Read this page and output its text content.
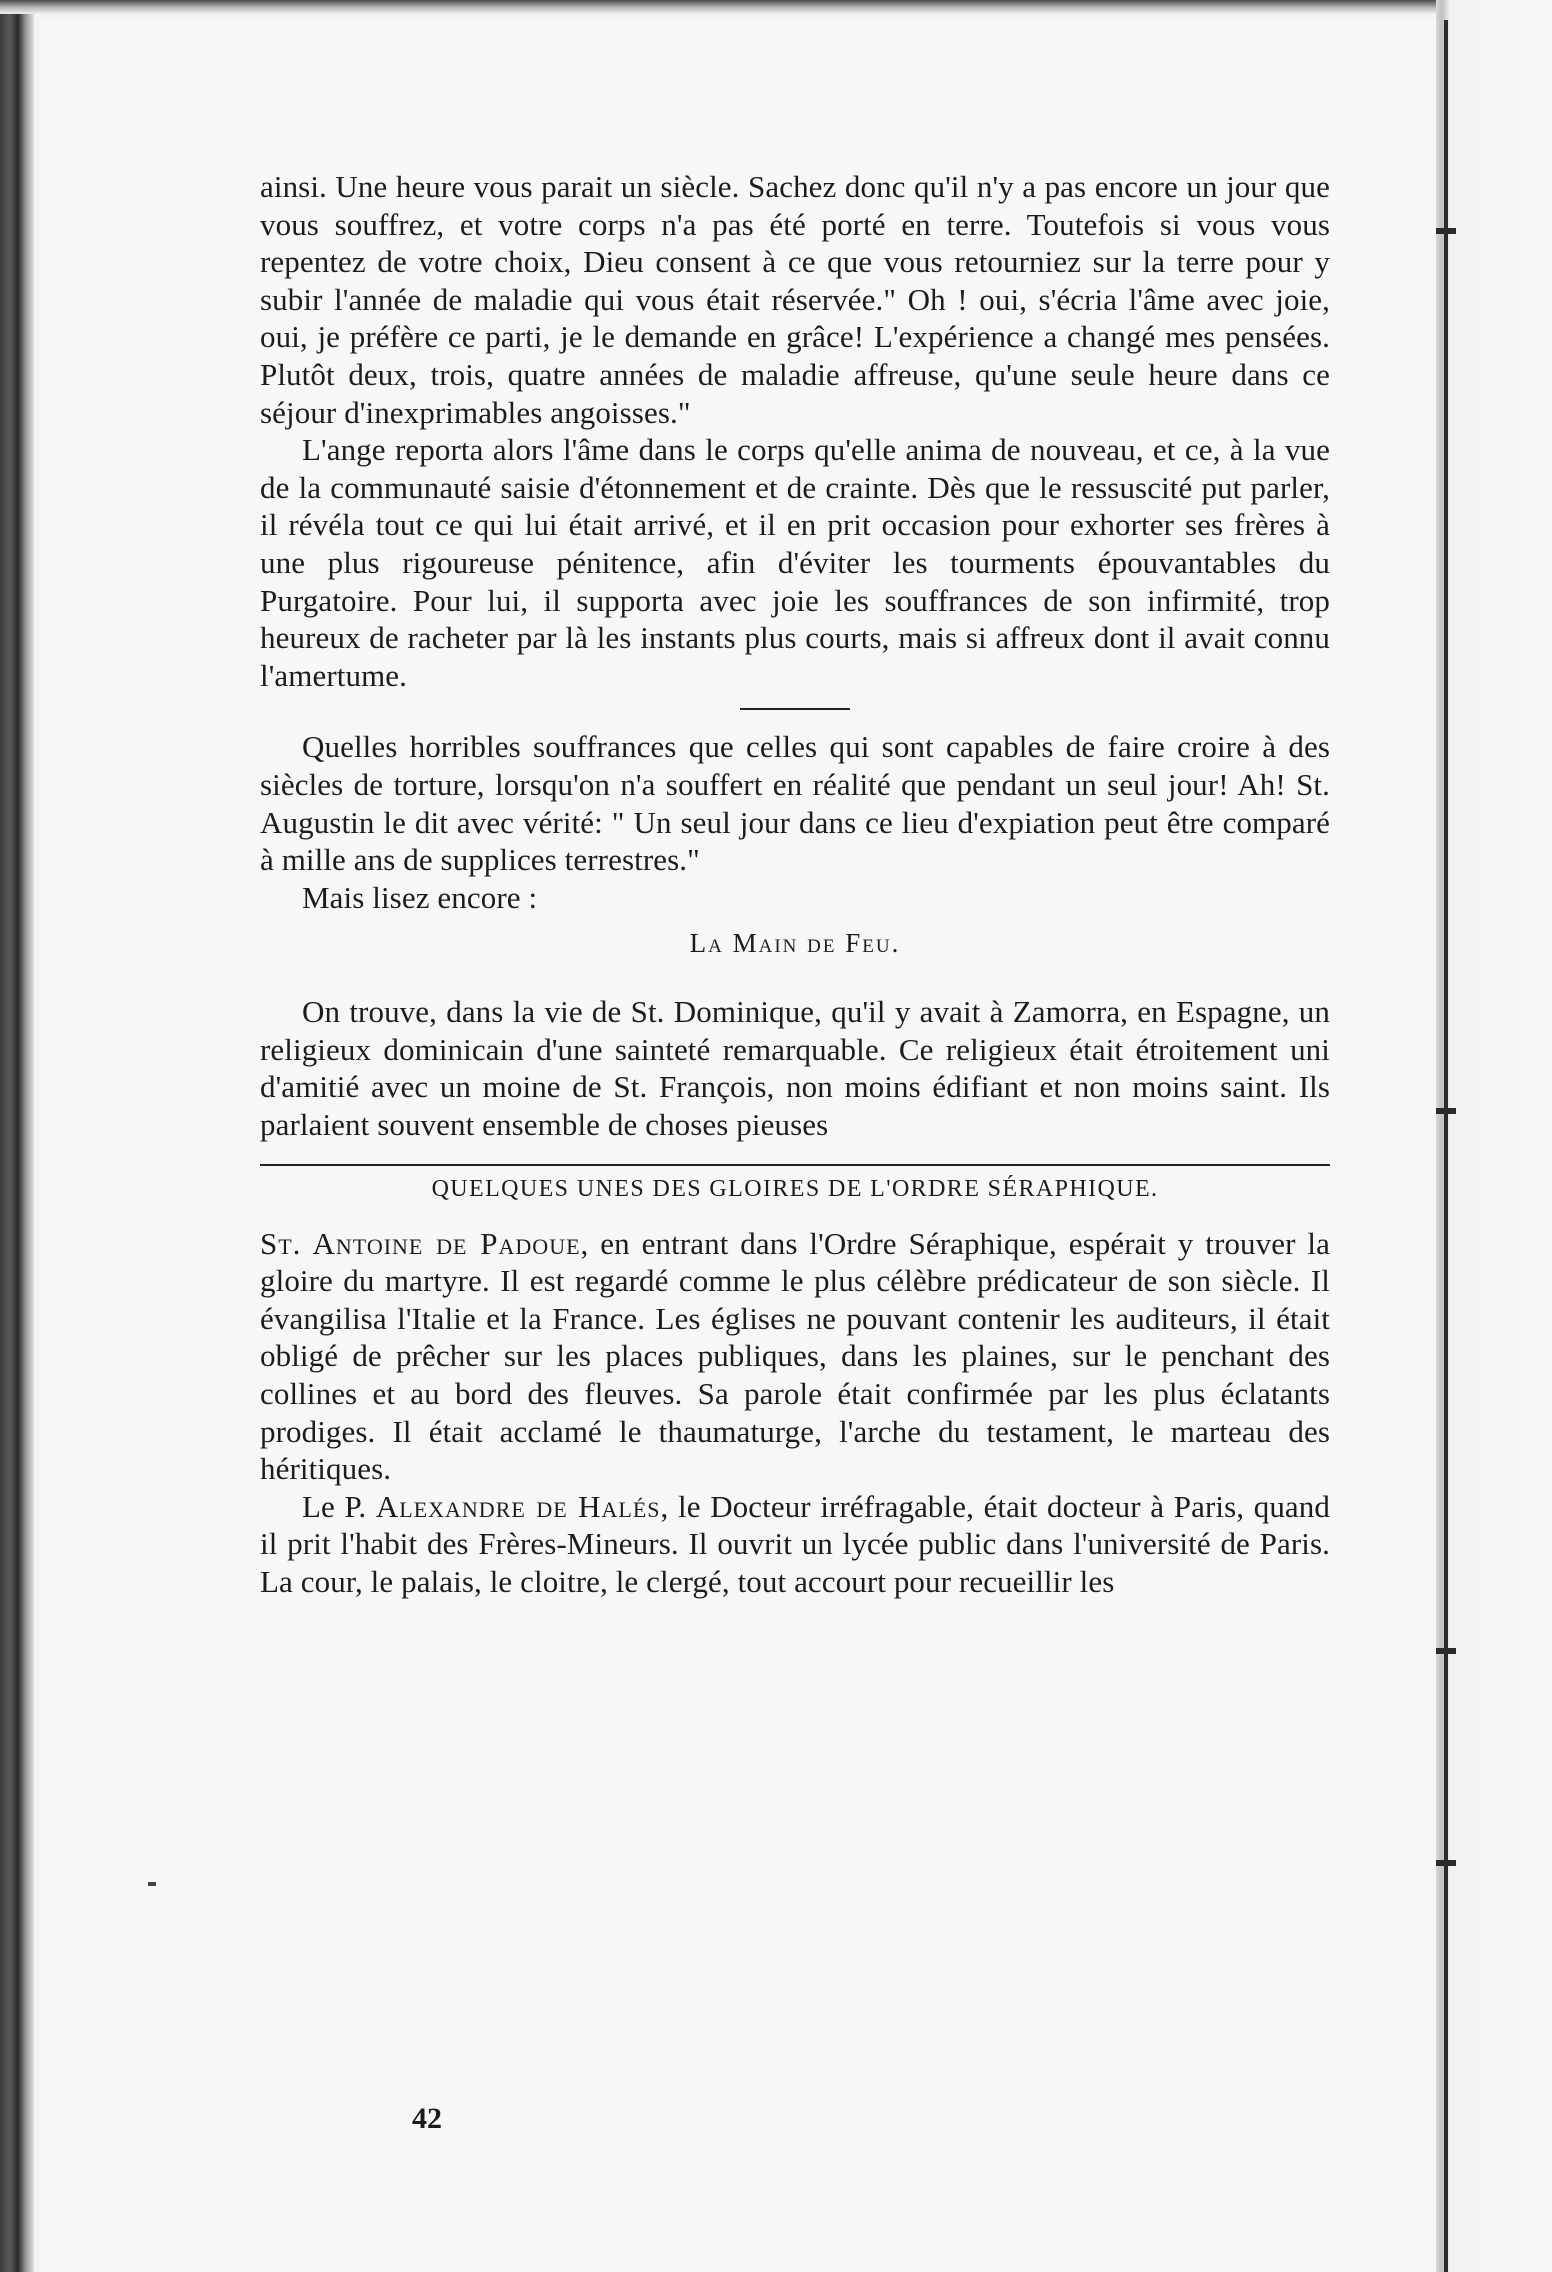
ainsi. Une heure vous parait un siècle. Sachez donc qu'il n'y a pas encore un jour que vous souffrez, et votre corps n'a pas été porté en terre. Toutefois si vous vous repentez de votre choix, Dieu consent à ce que vous retourniez sur la terre pour y subir l'année de maladie qui vous était réservée." Oh ! oui, s'écria l'âme avec joie, oui, je préfère ce parti, je le demande en grâce! L'expérience a changé mes pensées. Plutôt deux, trois, quatre années de maladie affreuse, qu'une seule heure dans ce séjour d'inexprimables angoisses."

L'ange reporta alors l'âme dans le corps qu'elle anima de nouveau, et ce, à la vue de la communauté saisie d'étonnement et de crainte. Dès que le ressuscité put parler, il révéla tout ce qui lui était arrivé, et il en prit occasion pour exhorter ses frères à une plus rigoureuse pénitence, afin d'éviter les tourments épouvantables du Purgatoire. Pour lui, il supporta avec joie les souffrances de son infirmité, trop heureux de racheter par là les instants plus courts, mais si affreux dont il avait connu l'amertume.

Quelles horribles souffrances que celles qui sont capables de faire croire à des siècles de torture, lorsqu'on n'a souffert en réalité que pendant un seul jour! Ah! St. Augustin le dit avec vérité: " Un seul jour dans ce lieu d'expiation peut être comparé à mille ans de supplices terrestres."

Mais lisez encore :

La Main de Feu.

On trouve, dans la vie de St. Dominique, qu'il y avait à Zamorra, en Espagne, un religieux dominicain d'une sainteté remarquable. Ce religieux était étroitement uni d'amitié avec un moine de St. François, non moins édifiant et non moins saint. Ils parlaient souvent ensemble de choses pieuses

QUELQUES UNES DES GLOIRES DE L'ORDRE SÉRAPHIQUE.

St. Antoine de Padoue, en entrant dans l'Ordre Séraphique, espérait y trouver la gloire du martyre. Il est regardé comme le plus célèbre prédicateur de son siècle. Il évangilisa l'Italie et la France. Les églises ne pouvant contenir les auditeurs, il était obligé de prêcher sur les places publiques, dans les plaines, sur le penchant des collines et au bord des fleuves. Sa parole était confirmée par les plus éclatants prodiges. Il était acclamé le thaumaturge, l'arche du testament, le marteau des héritiques.

Le P. Alexandre de Halés, le Docteur irréfragable, était docteur à Paris, quand il prit l'habit des Frères-Mineurs. Il ouvrit un lycée public dans l'université de Paris. La cour, le palais, le cloitre, le clergé, tout accourt pour recueillir les

42
